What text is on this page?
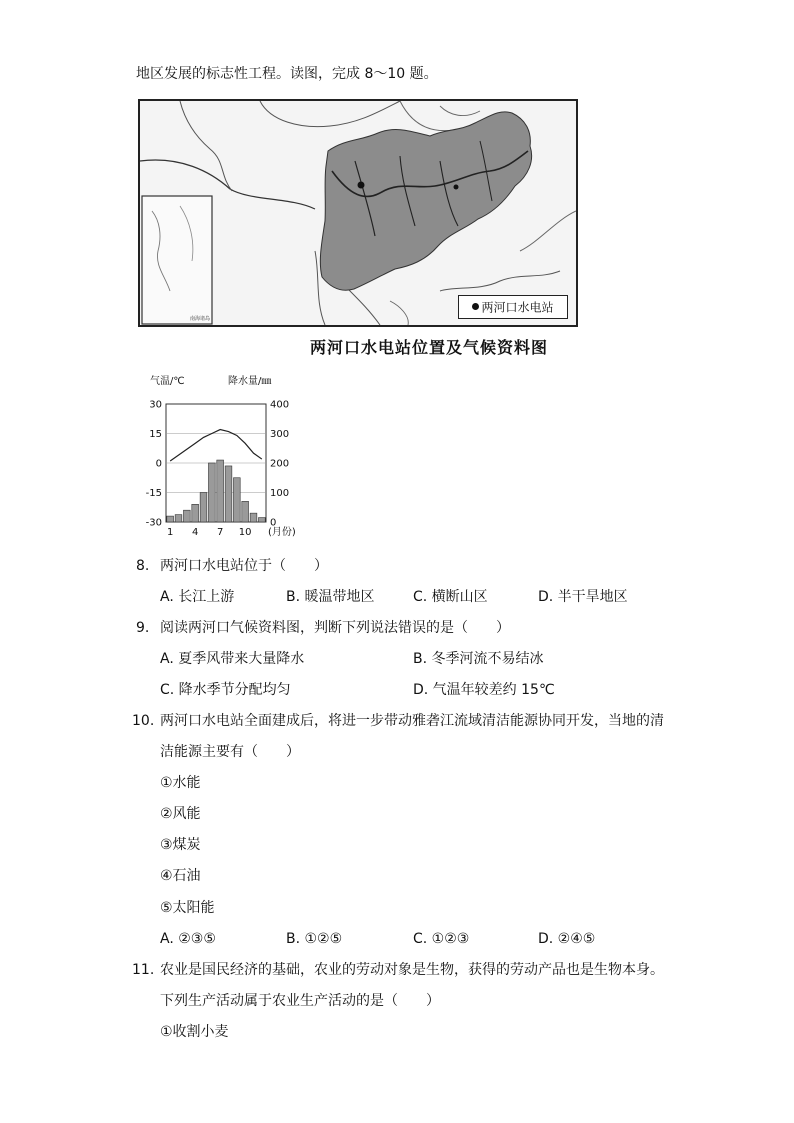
地区发展的标志性工程。读图，完成 8～10 题。
南海诸岛
两河口水电站
两河口水电站位置及气候资料图
气温/℃	降水量/㎜
30
15
0
-15
-30
400
300
200
100
0
1 4 7 10 (月份)
8. 两河口水电站位于（　　）
A. 长江上游	B. 暖温带地区	C. 横断山区	D. 半干旱地区
9. 阅读两河口气候资料图，判断下列说法错误的是（　　）
A. 夏季风带来大量降水	B. 冬季河流不易结冰
C. 降水季节分配均匀	D. 气温年较差约 15℃
10. 两河口水电站全面建成后，将进一步带动雅砻江流域清洁能源协同开发，当地的清
洁能源主要有（　　）
①水能
②风能
③煤炭
④石油
⑤太阳能
A. ②③⑤	B. ①②⑤	C. ①②③	D. ②④⑤
11. 农业是国民经济的基础，农业的劳动对象是生物，获得的劳动产品也是生物本身。
下列生产活动属于农业生产活动的是（　　）
①收割小麦
